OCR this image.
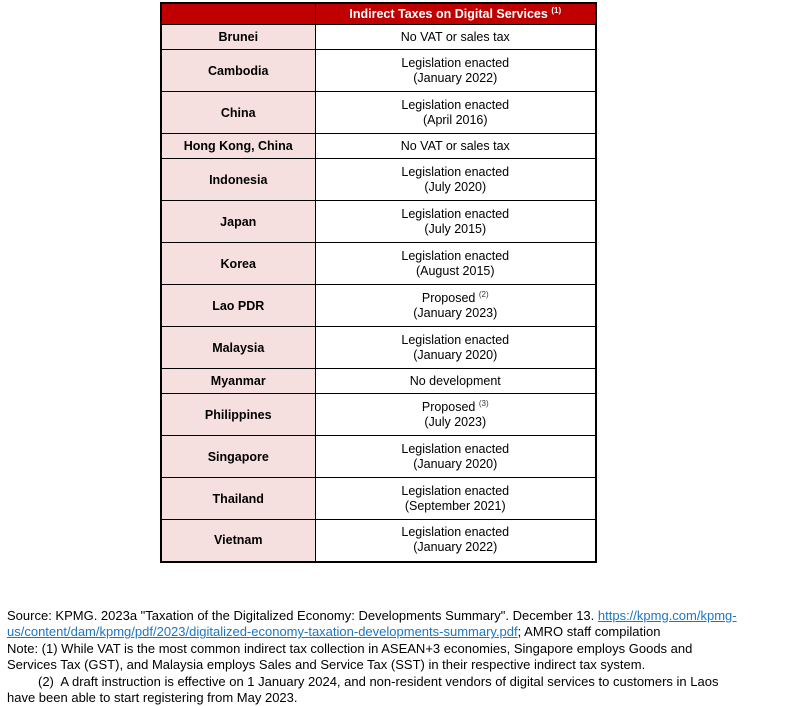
	Indirect Taxes on Digital Services $^{(1)}$
Brunei	No VAT or sales tax
Cambodia	Legislation enacted
(January 2022)
China	Legislation enacted
(April 2016)
Hong Kong, China	No VAT or sales tax
Indonesia	Legislation enacted
(July 2020)
Japan	Legislation enacted
(July 2015)
Korea	Legislation enacted
(August 2015)
Lao PDR	Proposed $^{(2)}$
(January 2023)
Malaysia	Legislation enacted
(January 2020)
Myanmar	No development
Philippines	Proposed $^{(3)}$
(July 2023)
Singapore	Legislation enacted
(January 2020)
Thailand	Legislation enacted
(September 2021)
Vietnam	Legislation enacted
(January 2022)
Source: KPMG. 2023a "Taxation of the Digitalized Economy: Developments Summary". December 13. https://kpmg.com/kpmg-
us/content/dam/kpmg/pdf/2023/digitalized-economy-taxation-developments-summary.pdf; AMRO staff compilation
Note: (1) While VAT is the most common indirect tax collection in ASEAN+3 economies, Singapore employs Goods and
Services Tax (GST), and Malaysia employs Sales and Service Tax (SST) in their respective indirect tax system.
(2)  A draft instruction is effective on 1 January 2024, and non-resident vendors of digital services to customers in Laos
have been able to start registering from May 2023.
